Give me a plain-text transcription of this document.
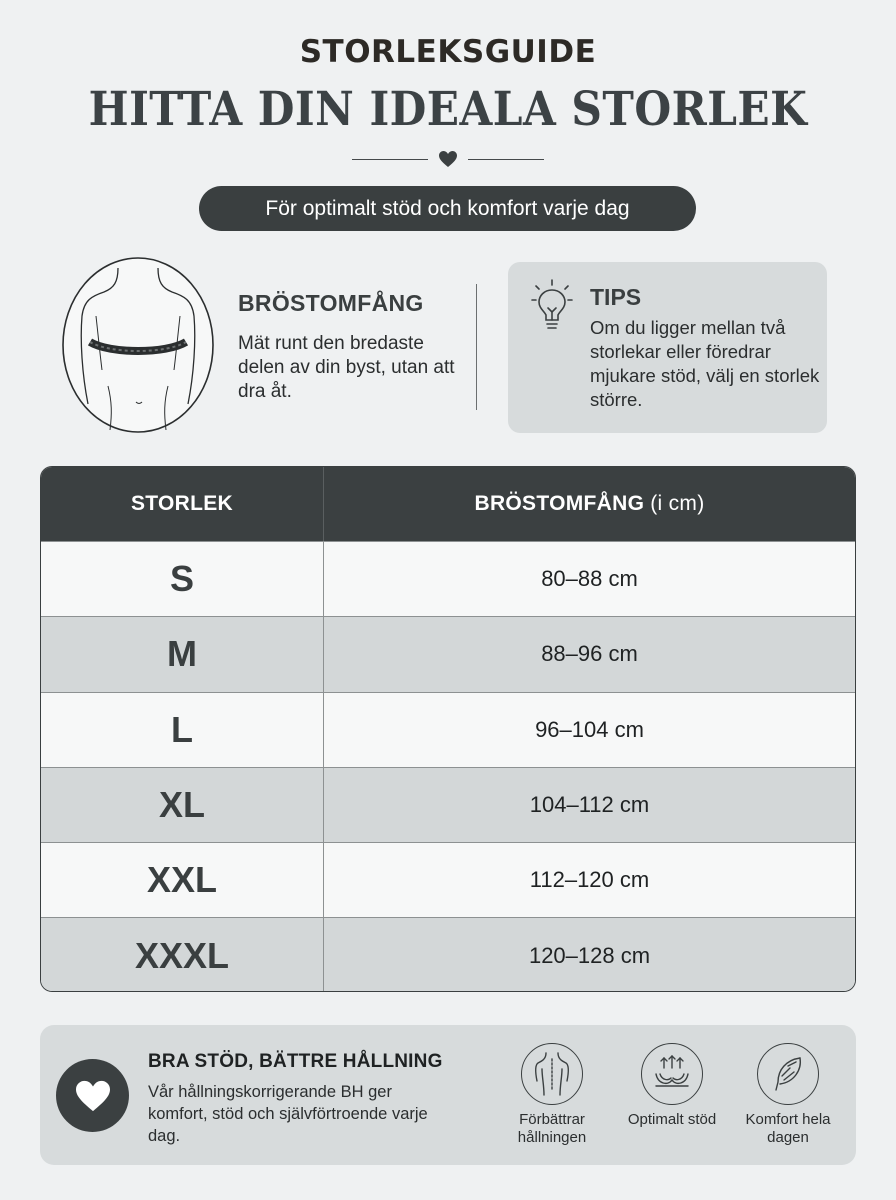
STORLEKSGUIDE
HITTA DIN IDEALA STORLEK
För optimalt stöd och komfort varje dag
BRÖSTOMFÅNG
Mät runt den bredaste delen av din byst, utan att dra åt.
TIPS
Om du ligger mellan två storlekar eller föredrar mjukare stöd, välj en storlek större.
STORLEK	BRÖSTOMFÅNG (i cm)
S	80–88 cm
M	88–96 cm
L	96–104 cm
XL	104–112 cm
XXL	112–120 cm
XXXL	120–128 cm
BRA STÖD, BÄTTRE HÅLLNING
Vår hållningskorrigerande BH ger komfort, stöd och självförtroende varje dag.
Förbättrar hållningen
Optimalt stöd	Komfort hela dagen
